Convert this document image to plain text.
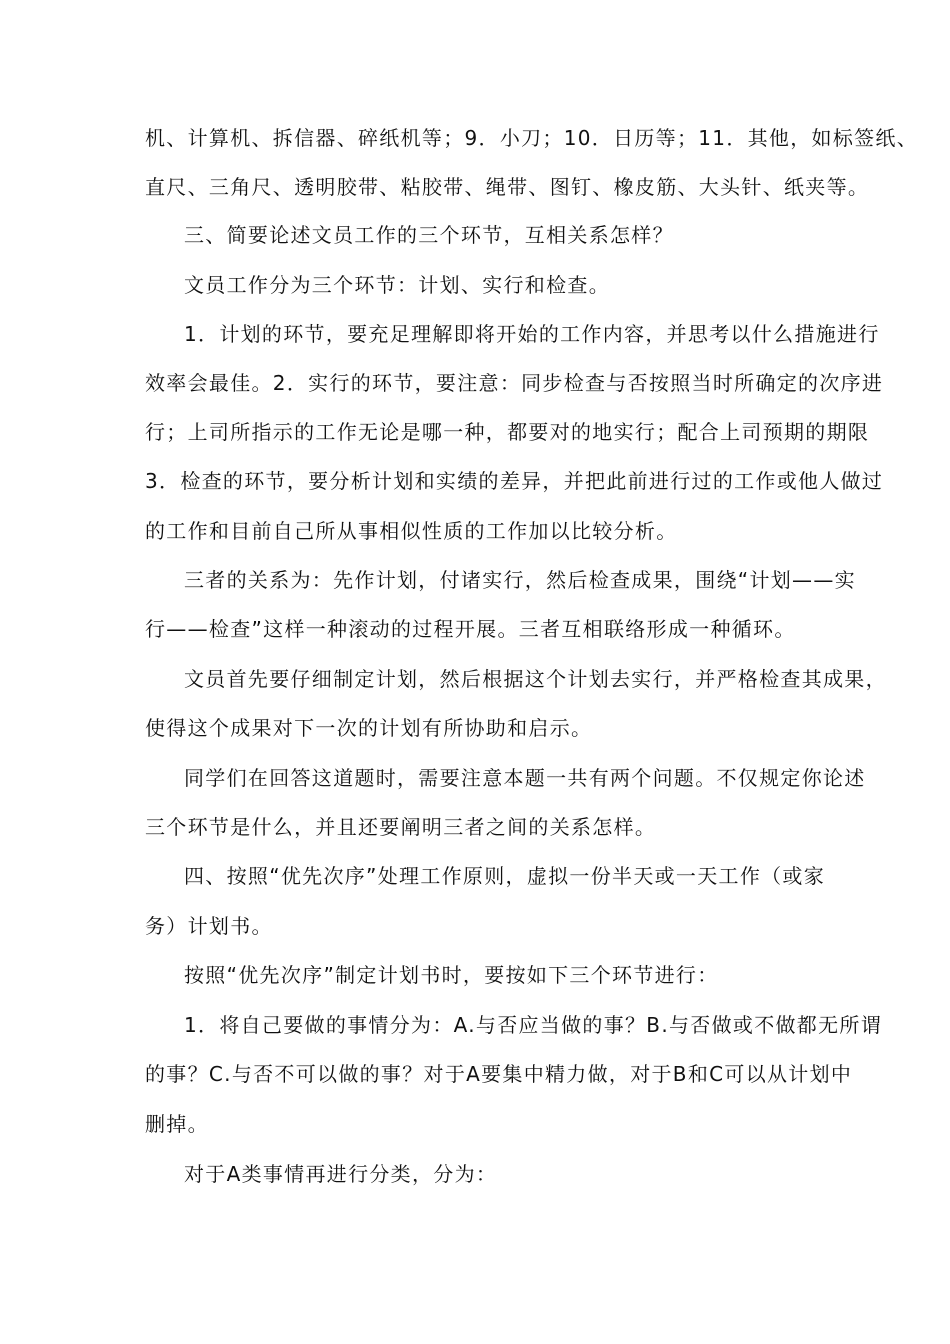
机、计算机、拆信器、碎纸机等；9．小刀；10．日历等；11．其他，如标签纸、
直尺、三角尺、透明胶带、粘胶带、绳带、图钉、橡皮筋、大头针、纸夹等。
三、简要论述文员工作的三个环节，互相关系怎样？
文员工作分为三个环节：计划、实行和检查。
1．计划的环节，要充足理解即将开始的工作内容，并思考以什么措施进行
效率会最佳。2．实行的环节，要注意：同步检查与否按照当时所确定的次序进
行；上司所指示的工作无论是哪一种，都要对的地实行；配合上司预期的期限
3．检查的环节，要分析计划和实绩的差异，并把此前进行过的工作或他人做过
的工作和目前自己所从事相似性质的工作加以比较分析。
三者的关系为：先作计划，付诸实行，然后检查成果，围绕“计划——实
行——检查”这样一种滚动的过程开展。三者互相联络形成一种循环。
文员首先要仔细制定计划，然后根据这个计划去实行，并严格检查其成果，
使得这个成果对下一次的计划有所协助和启示。
同学们在回答这道题时，需要注意本题一共有两个问题。不仅规定你论述
三个环节是什么，并且还要阐明三者之间的关系怎样。
四、按照“优先次序”处理工作原则，虚拟一份半天或一天工作（或家
务）计划书。
按照“优先次序”制定计划书时，要按如下三个环节进行：
1．将自己要做的事情分为：A.与否应当做的事？B.与否做或不做都无所谓
的事？C.与否不可以做的事？对于A要集中精力做，对于B和C可以从计划中
删掉。
对于A类事情再进行分类，分为：
